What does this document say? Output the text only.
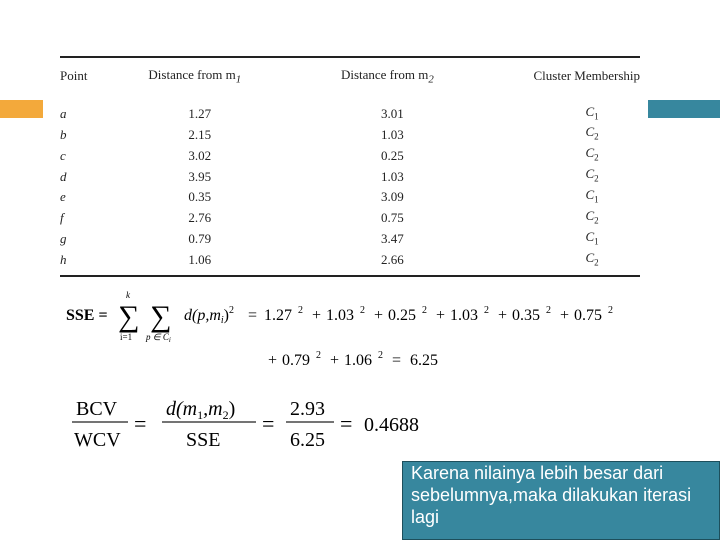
Point	Distance from $m_1$	Distance from $m_2$	Cluster Membership
a	1.27	3.01	$C_1$
b	2.15	1.03	$C_2$
c	3.02	0.25	$C_2$
d	3.95	1.03	$C_2$
e	0.35	3.09	$C_1$
f	2.76	0.75	$C_2$
g	0.79	3.47	$C_1$
h	1.06	2.66	$C_2$
SSE =
k
∑
i=1
∑
p ∈ $C_i$
$d(p,mi)^2 = 1.27$ 2 + 1.03 2 + 0.25 2 + 1.03 2 + 0.35 2 + 0.75 2
+ 0.79 2 + 1.06 2 = 6.25
BCV
WCV
=
$d(m_1,m_2)$
SSE
=
2.93
6.25
= 0.4688
Karena nilainya lebih besar dari sebelumnya,maka dilakukan iterasi lagi
